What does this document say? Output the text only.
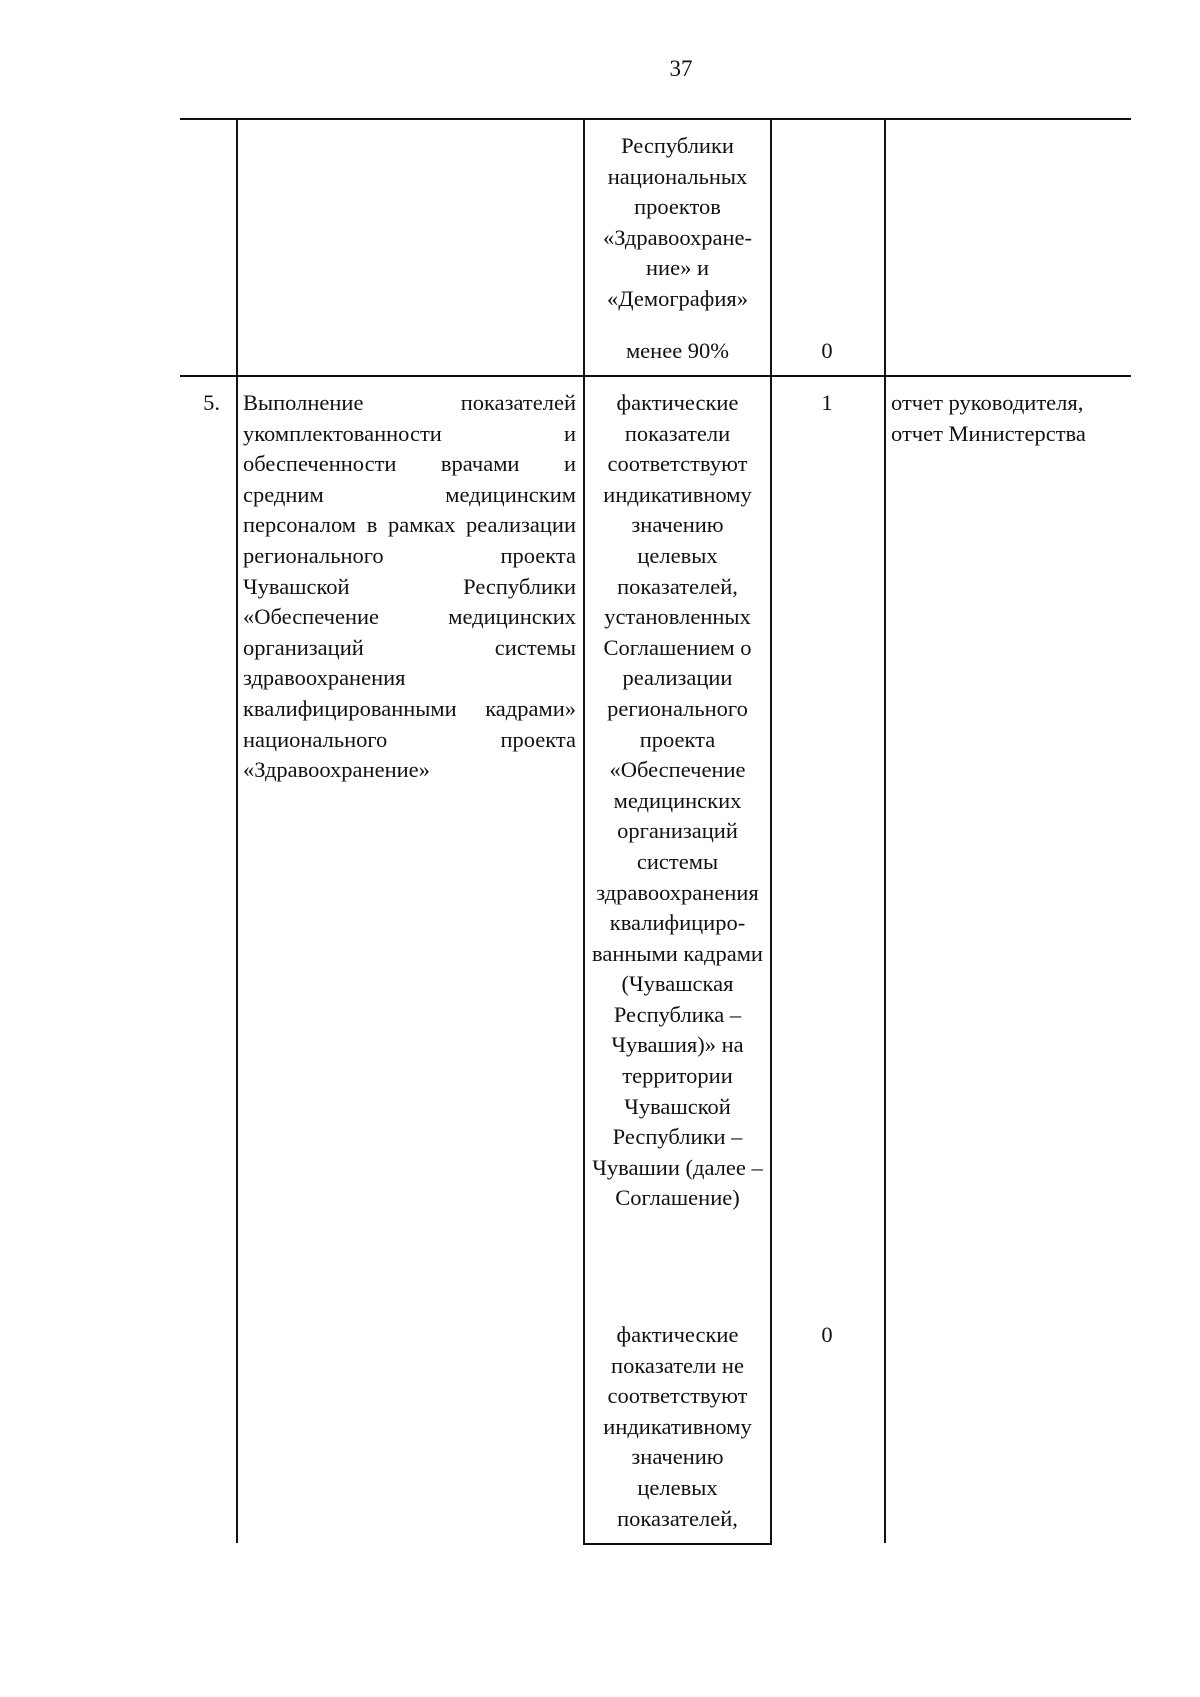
37
Республики национальных проектов «Здравоохранение» и «Демография»
менее 90%	0
5. Выполнение показателей укомплектованности и обеспеченности врачами и средним медицинским персоналом в рамках реализации регионального проекта Чувашской Республики «Обеспечение медицинских организаций системы здравоохранения квалифицированными кадрами» национального проекта «Здравоохранение»
фактические показатели соответствуют индикативному значению целевых показателей, установленных Соглашением о реализации регионального проекта «Обеспечение медицинских организаций системы здравоохранения квалифицированными кадрами (Чувашская Республика – Чувашия)» на территории Чувашской Республики – Чувашии (далее – Соглашение)
1
фактические показатели не соответствуют индикативному значению целевых показателей,
0
отчет руководителя, отчет Министерства
